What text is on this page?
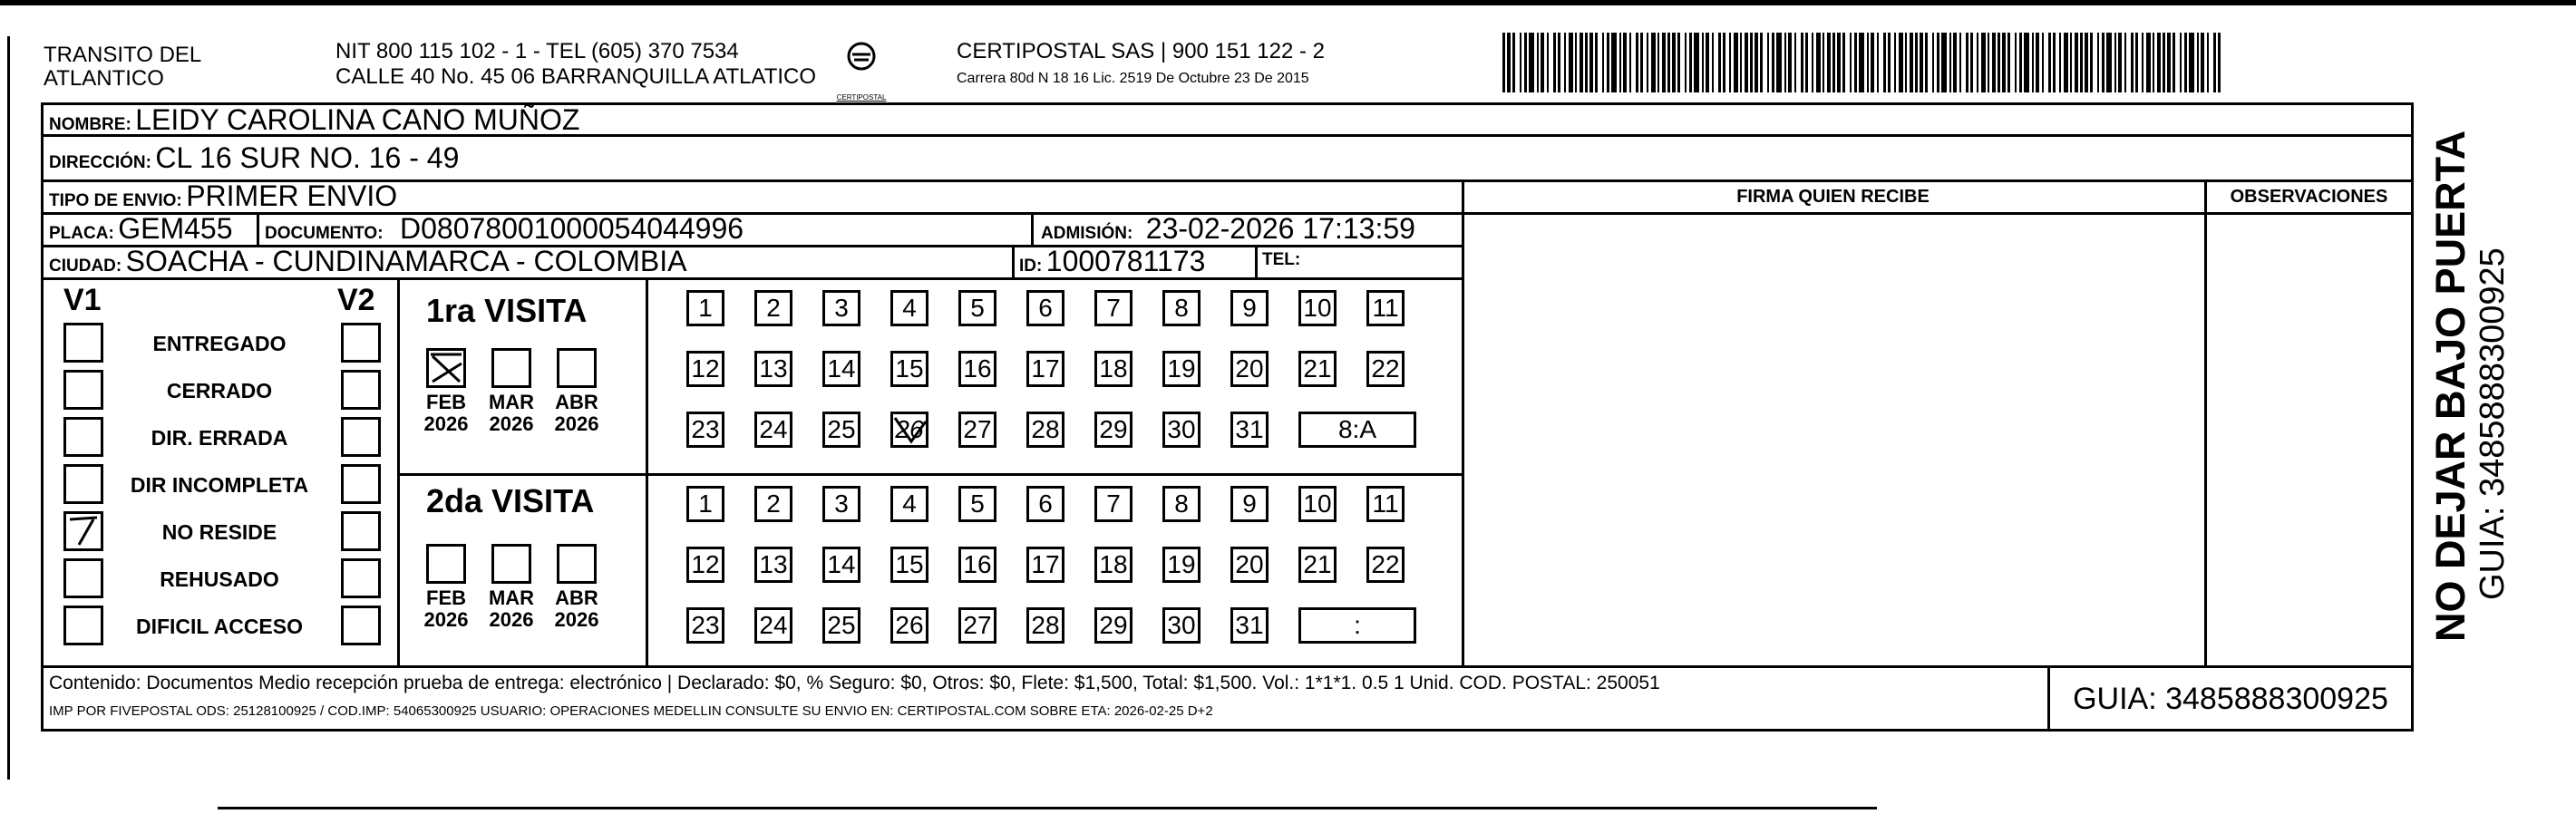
TRANSITO DEL
ATLANTICO
NIT 800 115 102 - 1 - TEL (605) 370 7534
CALLE 40 No. 45 06 BARRANQUILLA ATLATICO
CERTIPOSTAL
CERTIPOSTAL SAS | 900 151 122 - 2
Carrera 80d N 18 16 Lic. 2519 De Octubre 23 De 2015
NOMBRE: LEIDY CAROLINA CANO MUÑOZ
DIRECCIÓN: CL 16 SUR NO. 16 - 49
TIPO DE ENVIO: PRIMER ENVIO
PLACA: GEM455 DOCUMENTO: D08078001000054044996	ADMISIÓN: 23-02-2026 17:13:59
CIUDAD: SOACHA - CUNDINAMARCA - COLOMBIA	ID: 1000781173	TEL:
FIRMA QUIEN RECIBE	OBSERVACIONES
V1	V2
ENTREGADO
CERRADO
DIR. ERRADA
DIR INCOMPLETA
NO RESIDE
REHUSADO
DIFICIL ACCESO
1ra VISITA
FEB
2026
MAR
2026
ABR
2026
1	2	3	4	5	6	7	8	9	10 11
12 13 14 15 16 17 18 19 20 21 22
23 24 25 26 27 28 29 30 31	8:A
2da VISITA
FEB
2026
MAR
2026
ABR
2026
1	2	3	4	5	6	7	8	9	10 11
12 13 14 15 16 17 18 19 20 21 22
23 24 25 26 27 28 29 30 31	:
Contenido: Documentos Medio recepción prueba de entrega: electrónico | Declarado: $0, % Seguro: $0, Otros: $0, Flete: $1,500, Total: $1,500. Vol.: 1*1*1. 0.5 1 Unid. COD. POSTAL: 250051
IMP POR FIVEPOSTAL ODS: 25128100925 / COD.IMP: 54065300925 USUARIO: OPERACIONES MEDELLIN CONSULTE SU ENVIO EN: CERTIPOSTAL.COM SOBRE ETA: 2026-02-25 D+2	GUIA: 3485888300925
NO DEJAR BAJO PUERTA GUIA: 3485888300925
